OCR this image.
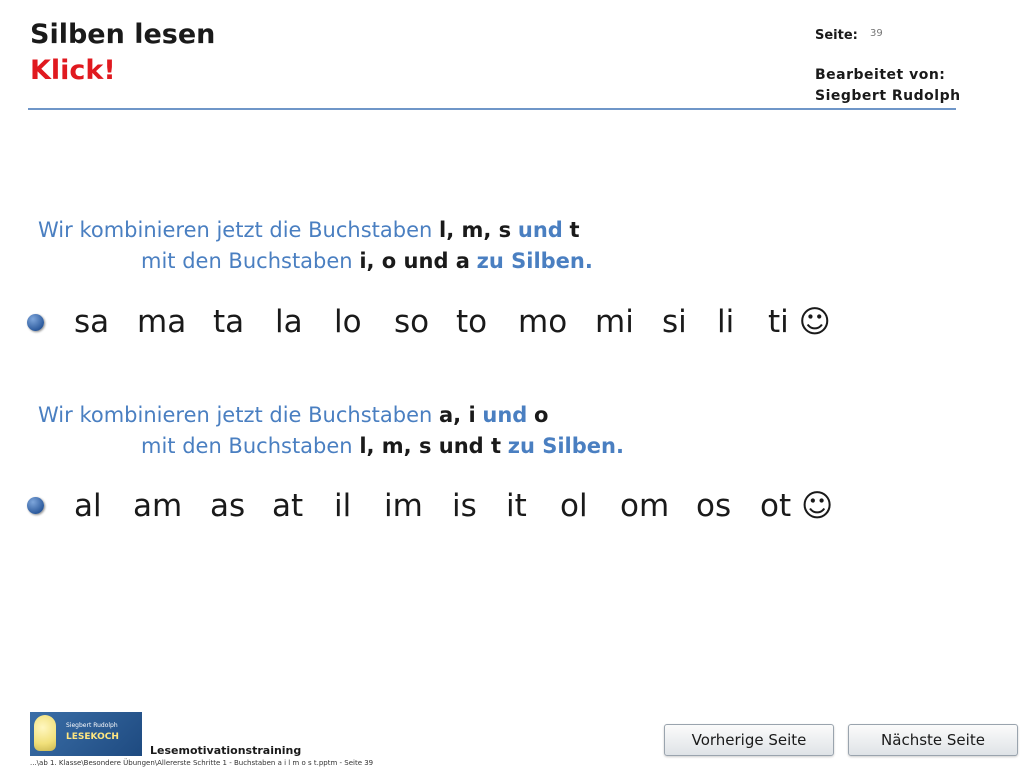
Silben lesen
Klick!
Seite: 39
Bearbeitet von:
Siegbert Rudolph
Wir kombinieren jetzt die Buchstaben l, m, s und t
mit den Buchstaben i, o und a zu Silben.
sa ma ta la lo so to mo mi si li ti ☺
Wir kombinieren jetzt die Buchstaben a, i und o
mit den Buchstaben l, m, s und t zu Silben.
al am as at il im is it ol om os ot ☺
Siegbert Rudolph
LESEKOCH
Lesemotivationstraining
...\ab 1. Klasse\Besondere Übungen\Allererste Schritte 1 - Buchstaben a i l m o s t.pptm - Seite 39
Vorherige Seite	Nächste Seite
